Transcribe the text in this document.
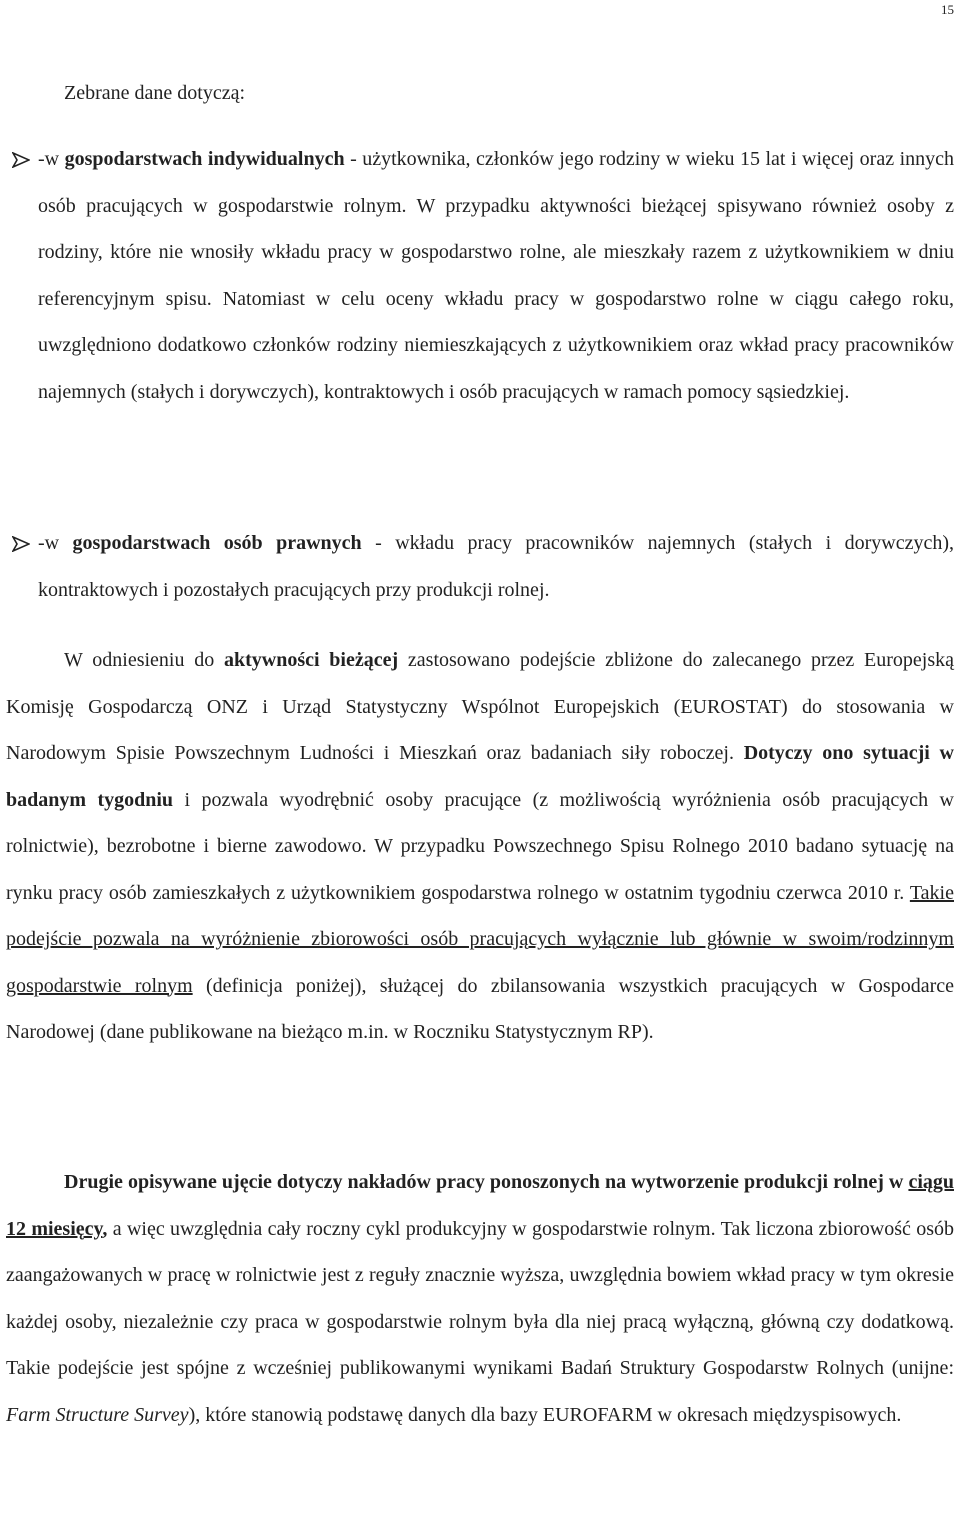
15

Zebrane dane dotyczą:

-w gospodarstwach indywidualnych - użytkownika, członków jego rodziny w wieku 15 lat i więcej oraz innych osób pracujących w gospodarstwie rolnym. W przypadku aktywności bieżącej spisywano również osoby z rodziny, które nie wnosiły wkładu pracy w gospodarstwo rolne, ale mieszkały razem z użytkownikiem w dniu referencyjnym spisu. Natomiast w celu oceny wkładu pracy w gospodarstwo rolne w ciągu całego roku, uwzględniono dodatkowo członków rodziny niemieszkających z użytkownikiem oraz wkład pracy pracowników najemnych (stałych i dorywczych), kontraktowych i osób pracujących w ramach pomocy sąsiedzkiej.
-w gospodarstwach osób prawnych - wkładu pracy pracowników najemnych (stałych i dorywczych), kontraktowych i pozostałych pracujących przy produkcji rolnej.

W odniesieniu do aktywności bieżącej zastosowano podejście zbliżone do zalecanego przez Europejską Komisję Gospodarczą ONZ i Urząd Statystyczny Wspólnot Europejskich (EUROSTAT) do stosowania w Narodowym Spisie Powszechnym Ludności i Mieszkań oraz badaniach siły roboczej. Dotyczy ono sytuacji w badanym tygodniu i pozwala wyodrębnić osoby pracujące (z możliwością wyróżnienia osób pracujących w rolnictwie), bezrobotne i bierne zawodowo. W przypadku Powszechnego Spisu Rolnego 2010 badano sytuację na rynku pracy osób zamieszkałych z użytkownikiem gospodarstwa rolnego w ostatnim tygodniu czerwca 2010 r. Takie podejście pozwala na wyróżnienie zbiorowości osób pracujących wyłącznie lub głównie w swoim/rodzinnym gospodarstwie rolnym (definicja poniżej), służącej do zbilansowania wszystkich pracujących w Gospodarce Narodowej (dane publikowane na bieżąco m.in. w Roczniku Statystycznym RP).

Drugie opisywane ujęcie dotyczy nakładów pracy ponoszonych na wytworzenie produkcji rolnej w ciągu 12 miesięcy, a więc uwzględnia cały roczny cykl produkcyjny w gospodarstwie rolnym. Tak liczona zbiorowość osób zaangażowanych w pracę w rolnictwie jest z reguły znacznie wyższa, uwzględnia bowiem wkład pracy w tym okresie każdej osoby, niezależnie czy praca w gospodarstwie rolnym była dla niej pracą wyłączną, główną czy dodatkową. Takie podejście jest spójne z wcześniej publikowanymi wynikami Badań Struktury Gospodarstw Rolnych (unijne: Farm Structure Survey), które stanowią podstawę danych dla bazy EUROFARM w okresach międzyspisowych.
